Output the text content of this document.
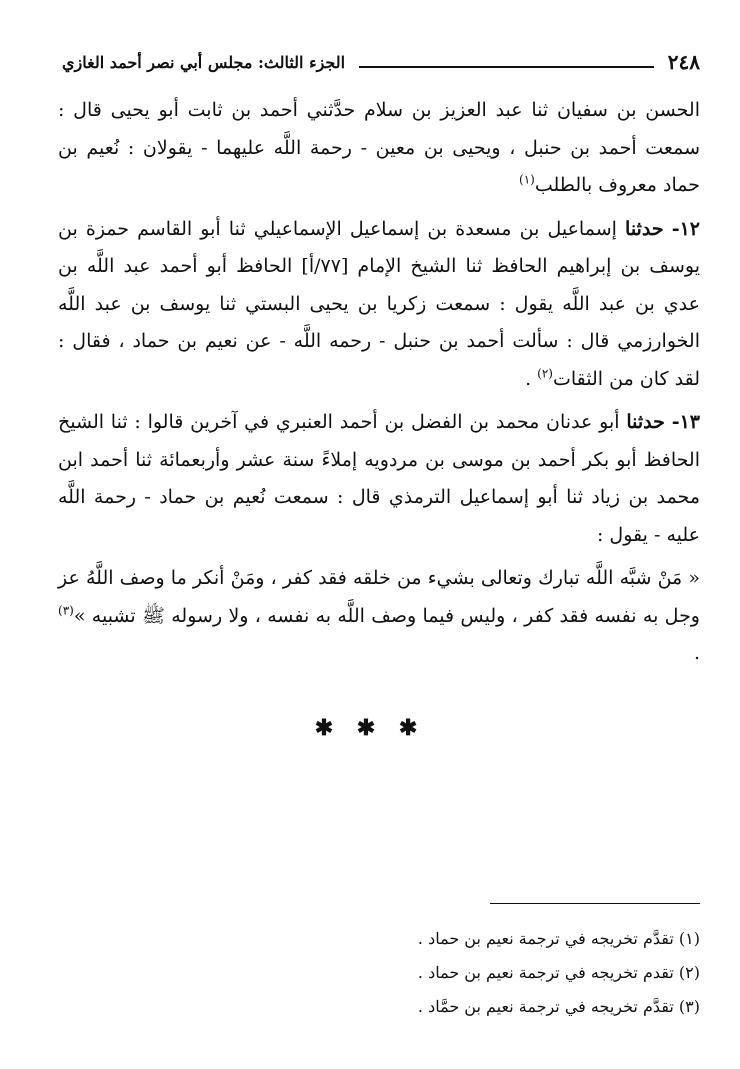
٢٤٨
الجزء الثالث: مجلس أبي نصر أحمد الغازي

الحسن بن سفيان ثنا عبد العزيز بن سلام حدَّثني أحمد بن ثابت أبو يحيى قال : سمعت أحمد بن حنبل ، ويحيى بن معين - رحمة اللَّه عليهما - يقولان : نُعيم بن حماد معروف بالطلب$^{(١)}$

١٢- حدثنا إسماعيل بن مسعدة بن إسماعيل الإسماعيلي ثنا أبو القاسم حمزة بن يوسف بن إبراهيم الحافظ ثنا الشيخ الإمام [٧٧/أ] الحافظ أبو أحمد عبد اللَّه بن عدي بن عبد اللَّه يقول : سمعت زكريا بن يحيى البستي ثنا يوسف بن عبد اللَّه الخوارزمي قال : سألت أحمد بن حنبل - رحمه اللَّه - عن نعيم بن حماد ، فقال : لقد كان من الثقات$^{(٢)}$ .

١٣- حدثنا أبو عدنان محمد بن الفضل بن أحمد العنبري في آخرين قالوا : ثنا الشيخ الحافظ أبو بكر أحمد بن موسى بن مردويه إملاءً سنة عشر وأربعمائة ثنا أحمد ابن محمد بن زياد ثنا أبو إسماعيل الترمذي قال : سمعت نُعيم بن حماد - رحمة اللَّه عليه - يقول :

« مَنْ شبَّه اللَّه تبارك وتعالى بشيء من خلقه فقد كفر ، ومَنْ أنكر ما وصف اللَّهُ عز وجل به نفسه فقد كفر ، وليس فيما وصف اللَّه به نفسه ، ولا رسوله ﷺ تشبيه »$^{(٣)}$ .

✱ ✱ ✱

(١) تقدَّم تخريجه في ترجمة نعيم بن حماد .

(٢) تقدم تخريجه في ترجمة نعيم بن حماد .

(٣) تقدَّم تخريجه في ترجمة نعيم بن حمَّاد .
